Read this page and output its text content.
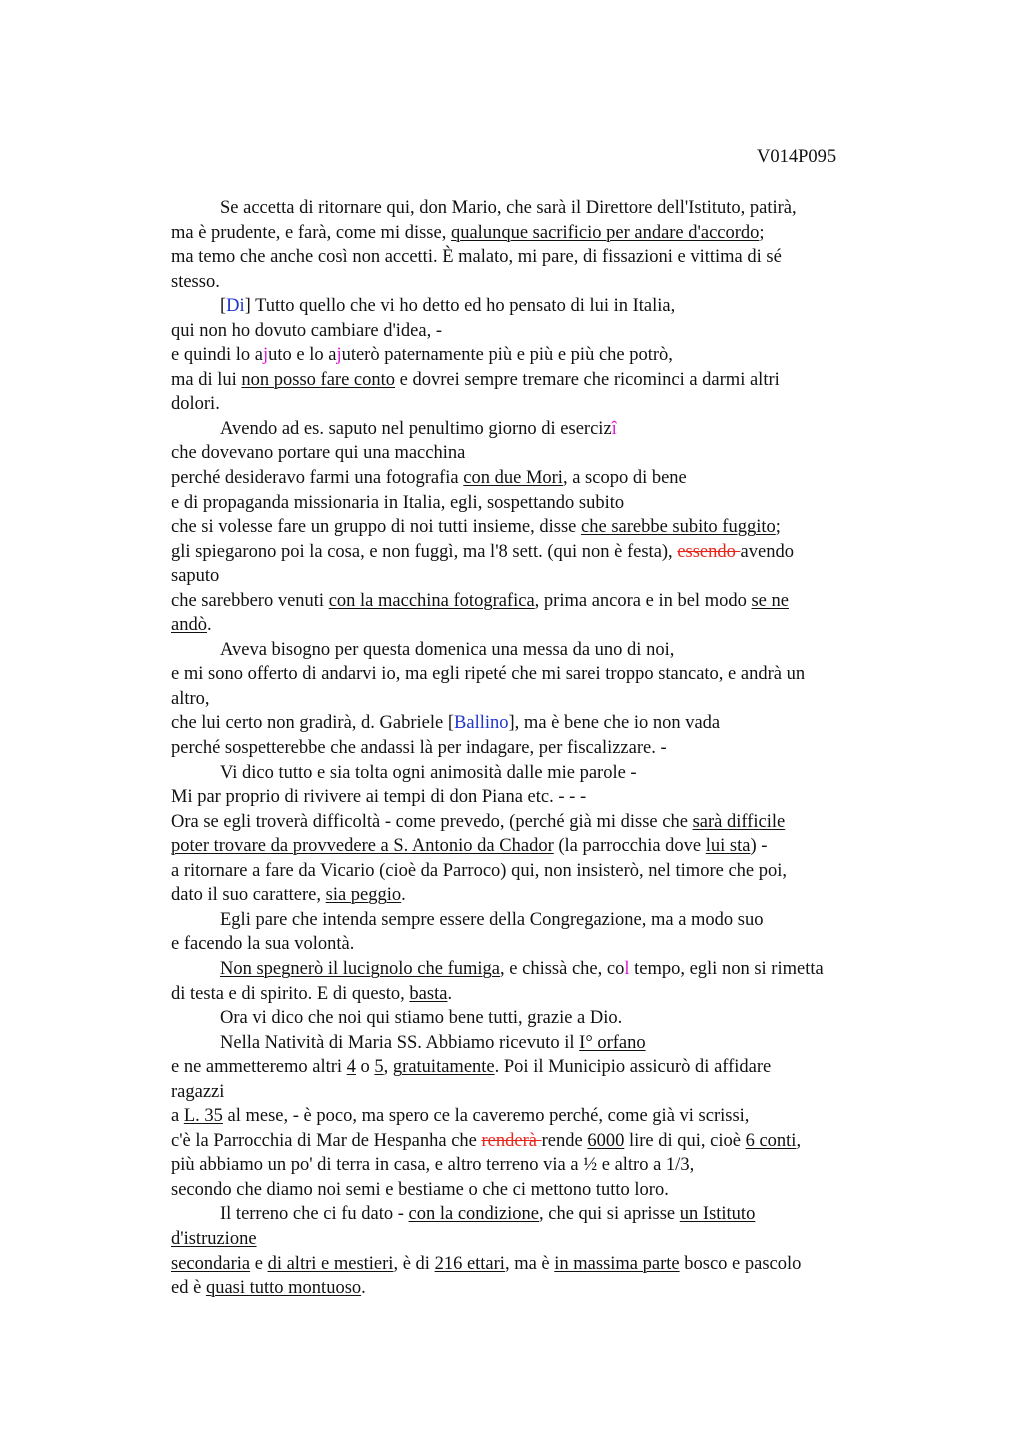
V014P095
Se accetta di ritornare qui, don Mario, che sarà il Direttore dell'Istituto, patirà,
ma è prudente, e farà, come mi disse, qualunque sacrificio per andare d'accordo;
ma temo che anche così non accetti. È malato, mi pare, di fissazioni e vittima di sé
stesso.
[Di] Tutto quello che vi ho detto ed ho pensato di lui in Italia,
qui non ho dovuto cambiare d'idea, -
e quindi lo ajuto e lo ajuterò paternamente più e più e più che potrò,
ma di lui non posso fare conto e dovrei sempre tremare che ricominci a darmi altri
dolori.
Avendo ad es. saputo nel penultimo giorno di esercizî
che dovevano portare qui una macchina
perché desideravo farmi una fotografia con due Mori, a scopo di bene
e di propaganda missionaria in Italia, egli, sospettando subito
che si volesse fare un gruppo di noi tutti insieme, disse che sarebbe subito fuggito;
gli spiegarono poi la cosa, e non fuggì, ma l'8 sett. (qui non è festa), essendo avendo
saputo
che sarebbero venuti con la macchina fotografica, prima ancora e in bel modo se ne
andò.
Aveva bisogno per questa domenica una messa da uno di noi,
e mi sono offerto di andarvi io, ma egli ripeté che mi sarei troppo stancato, e andrà un
altro,
che lui certo non gradirà, d. Gabriele [Ballino], ma è bene che io non vada
perché sospetterebbe che andassi là per indagare, per fiscalizzare. -
Vi dico tutto e sia tolta ogni animosità dalle mie parole -
Mi par proprio di rivivere ai tempi di don Piana etc. - - -
Ora se egli troverà difficoltà - come prevedo, (perché già mi disse che sarà difficile
poter trovare da provvedere a S. Antonio da Chador (la parrocchia dove lui sta) -
a ritornare a fare da Vicario (cioè da Parroco) qui, non insisterò, nel timore che poi,
dato il suo carattere, sia peggio.
Egli pare che intenda sempre essere della Congregazione, ma a modo suo
e facendo la sua volontà.
Non spegnerò il lucignolo che fumiga, e chissà che, col tempo, egli non si rimetta
di testa e di spirito. E di questo, basta.
Ora vi dico che noi qui stiamo bene tutti, grazie a Dio.
Nella Natività di Maria SS. Abbiamo ricevuto il I° orfano
e ne ammetteremo altri 4 o 5, gratuitamente. Poi il Municipio assicurò di affidare
ragazzi
a L. 35 al mese, - è poco, ma spero ce la caveremo perché, come già vi scrissi,
c'è la Parrocchia di Mar de Hespanha che renderà rende 6000 lire di qui, cioè 6 conti,
più abbiamo un po' di terra in casa, e altro terreno via a ½ e altro a 1/3,
secondo che diamo noi semi e bestiame o che ci mettono tutto loro.
Il terreno che ci fu dato - con la condizione, che qui si aprisse un Istituto
d'istruzione
secondaria e di altri e mestieri, è di 216 ettari, ma è in massima parte bosco e pascolo
ed è quasi tutto montuoso.
